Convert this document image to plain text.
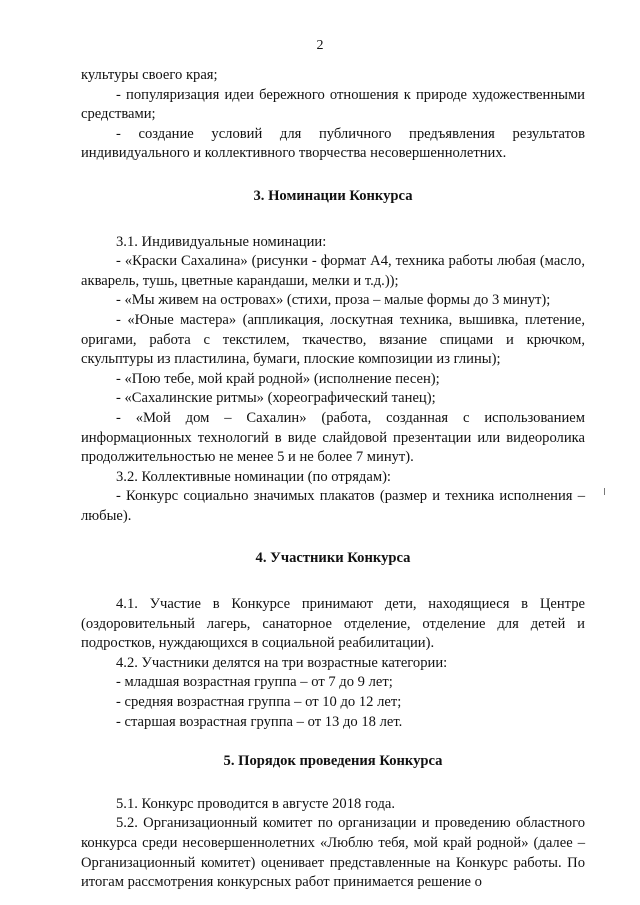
2

культуры своего края;

- популяризация идеи бережного отношения к природе художественными средствами;

- создание условий для публичного предъявления результатов индивидуального и коллективного творчества несовершеннолетних.

3. Номинации Конкурса

3.1. Индивидуальные номинации:

- «Краски Сахалина» (рисунки - формат А4, техника работы любая (масло, акварель, тушь, цветные карандаши, мелки и т.д.));

- «Мы живем на островах» (стихи, проза – малые формы до 3 минут);

- «Юные мастера» (аппликация, лоскутная техника, вышивка, плетение, оригами, работа с текстилем, ткачество, вязание спицами и крючком, скульптуры из пластилина, бумаги, плоские композиции из глины);

- «Пою тебе, мой край родной» (исполнение песен);

- «Сахалинские ритмы» (хореографический танец);

- «Мой дом – Сахалин» (работа, созданная с использованием информационных технологий в виде слайдовой презентации или видеоролика продолжительностью не менее 5 и не более 7 минут).

3.2. Коллективные номинации (по отрядам):

- Конкурс социально значимых плакатов (размер и техника исполнения – любые).

4. Участники Конкурса

4.1. Участие в Конкурсе принимают дети, находящиеся в Центре (оздоровительный лагерь, санаторное отделение, отделение для детей и подростков, нуждающихся в социальной реабилитации).

4.2. Участники делятся на три возрастные категории:

- младшая возрастная группа – от 7 до 9 лет;

- средняя возрастная группа – от 10 до 12 лет;

- старшая возрастная группа – от 13 до 18 лет.

5. Порядок проведения Конкурса

5.1. Конкурс проводится в августе 2018 года.

5.2. Организационный комитет по организации и проведению областного конкурса среди несовершеннолетних «Люблю тебя, мой край родной» (далее – Организационный комитет) оценивает представленные на Конкурс работы. По итогам рассмотрения конкурсных работ принимается решение о
